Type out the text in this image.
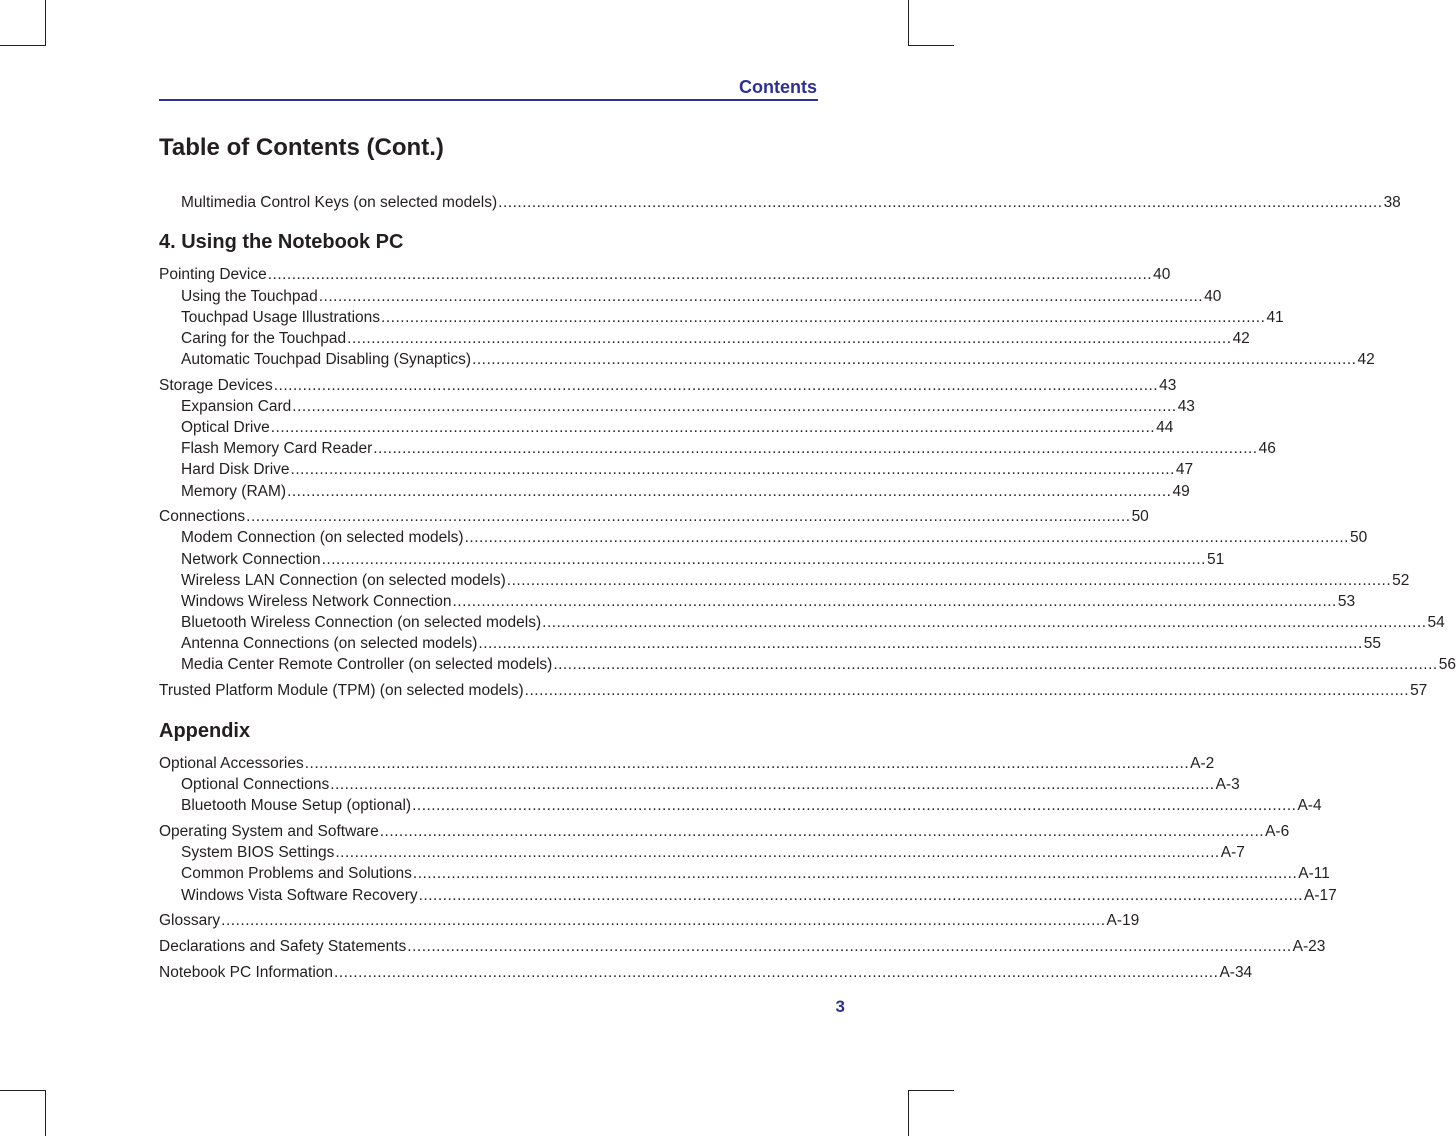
Contents
Table of Contents (Cont.)
Multimedia Control Keys (on selected models) ........................................................................................................................................................................................ 38
4. Using the Notebook PC
Pointing Device ........................................................................................................................................................................................ 40
Using the Touchpad ........................................................................................................................................................................................ 40
Touchpad Usage Illustrations ........................................................................................................................................................................................ 41
Caring for the Touchpad ........................................................................................................................................................................................ 42
Automatic Touchpad Disabling (Synaptics) ........................................................................................................................................................................................ 42
Storage Devices ........................................................................................................................................................................................ 43
Expansion Card ........................................................................................................................................................................................ 43
Optical Drive ........................................................................................................................................................................................ 44
Flash Memory Card Reader ........................................................................................................................................................................................ 46
Hard Disk Drive ........................................................................................................................................................................................ 47
Memory (RAM) ........................................................................................................................................................................................ 49
Connections ........................................................................................................................................................................................ 50
Modem Connection (on selected models) ........................................................................................................................................................................................ 50
Network Connection ........................................................................................................................................................................................ 51
Wireless LAN Connection (on selected models) ........................................................................................................................................................................................ 52
Windows Wireless Network Connection ........................................................................................................................................................................................ 53
Bluetooth Wireless Connection (on selected models) ........................................................................................................................................................................................ 54
Antenna Connections (on selected models) ........................................................................................................................................................................................ 55
Media Center Remote Controller (on selected models) ........................................................................................................................................................................................ 56
Trusted Platform Module (TPM) (on selected models) ........................................................................................................................................................................................ 57
Appendix
Optional Accessories ........................................................................................................................................................................................ A-2
Optional Connections ........................................................................................................................................................................................ A-3
Bluetooth Mouse Setup (optional) ........................................................................................................................................................................................ A-4
Operating System and Software ........................................................................................................................................................................................ A-6
System BIOS Settings ........................................................................................................................................................................................ A-7
Common Problems and Solutions ........................................................................................................................................................................................ A-11
Windows Vista Software Recovery ........................................................................................................................................................................................ A-17
Glossary ........................................................................................................................................................................................ A-19
Declarations and Safety Statements ........................................................................................................................................................................................ A-23
Notebook PC Information ........................................................................................................................................................................................ A-34
3
